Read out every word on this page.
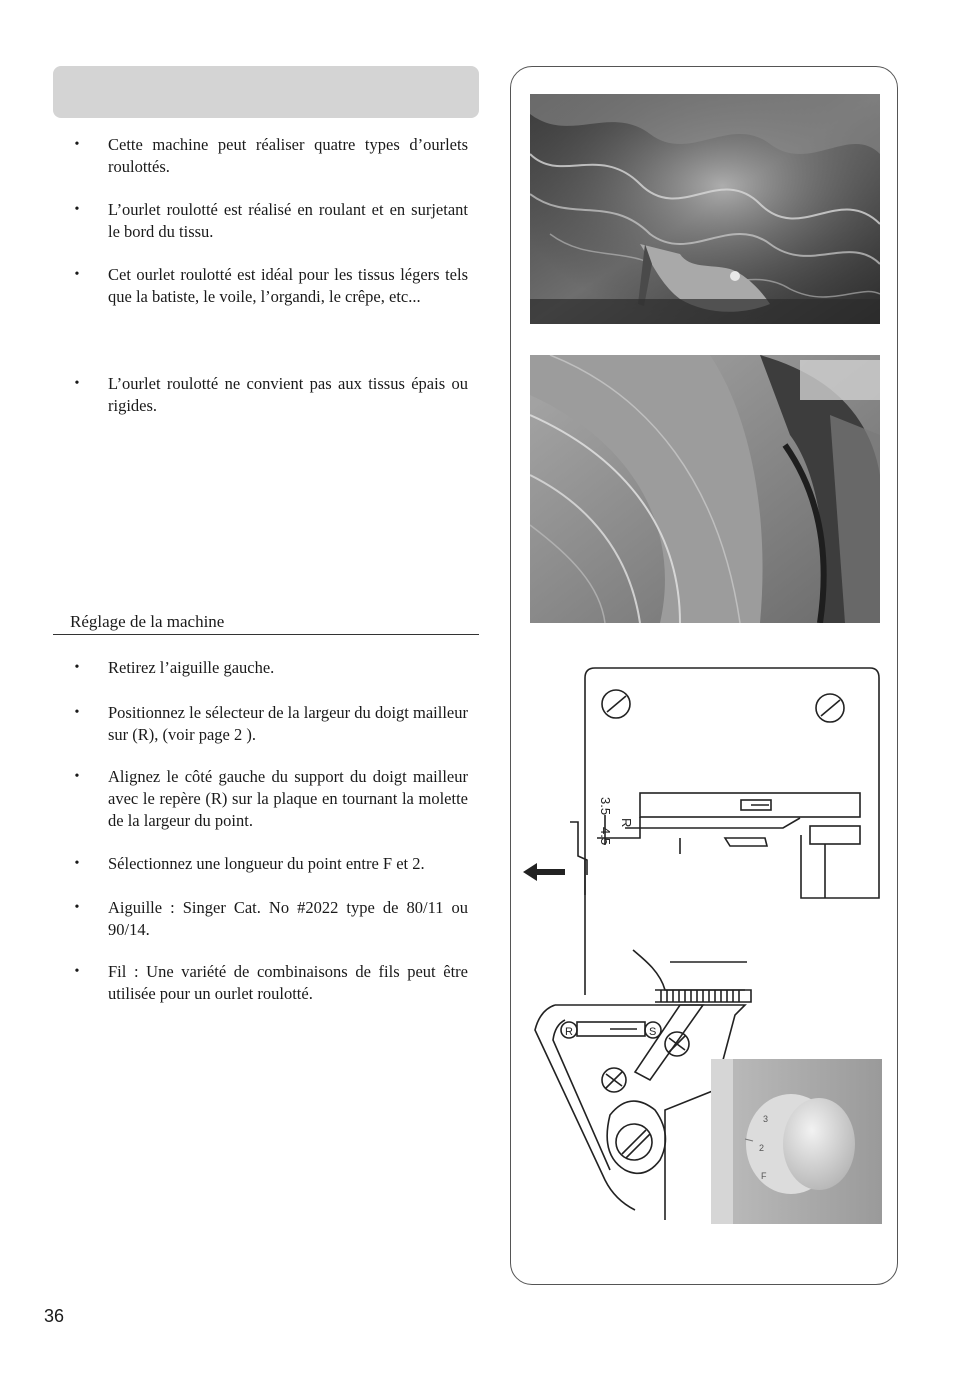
• Cette machine peut réaliser quatre types d’ourlets roulottés.
• L’ourlet roulotté est réalisé en roulant et en surjetant le bord du tissu.
• Cet ourlet roulotté est idéal pour les tissus légers tels que la batiste, le voile, l’organdi, le crêpe, etc...
• L’ourlet roulotté ne convient pas aux tissus épais ou rigides.
Réglage de la machine
• Retirez l’aiguille gauche.
• Positionnez le sélecteur de la largeur du doigt mailleur sur (R), (voir page 2 ).
• Alignez le côté gauche du support du doigt mailleur avec le repère (R) sur la plaque en tournant la molette de la largeur du point.
• Sélectionnez une longueur du point entre F et 2.
• Aiguille : Singer Cat. No #2022 type de 80/11 ou 90/14.
• Fil : Une variété de combinaisons de fils peut être utilisée pour un ourlet roulotté.
3.5
R
4.5
R	S
3
2
F
36
